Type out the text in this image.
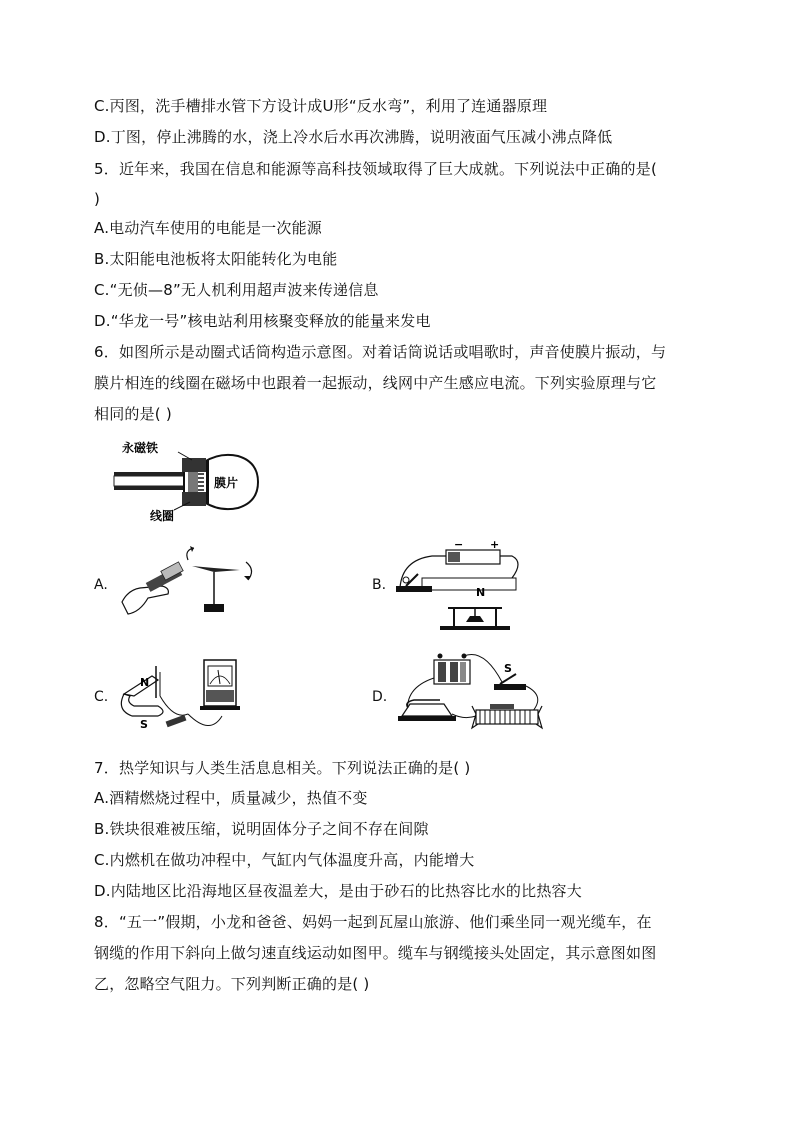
C.丙图，洗手槽排水管下方设计成U形“反水弯”，利用了连通器原理
D.丁图，停止沸腾的水，浇上冷水后水再次沸腾，说明液面气压减小沸点降低
5．近年来，我国在信息和能源等高科技领域取得了巨大成就。下列说法中正确的是(
)
A.电动汽车使用的电能是一次能源
B.太阳能电池板将太阳能转化为电能
C.“无侦—8”无人机利用超声波来传递信息
D.“华龙一号”核电站利用核聚变释放的能量来发电
6．如图所示是动圈式话筒构造示意图。对着话筒说话或唱歌时，声音使膜片振动，与
膜片相连的线圈在磁场中也跟着一起振动，线网中产生感应电流。下列实验原理与它
相同的是( )
永磁铁
膜片
线圈
A.	B.
C.	D.
− +
N
N
S
S
7．热学知识与人类生活息息相关。下列说法正确的是( )
A.酒精燃烧过程中，质量减少，热值不变
B.铁块很难被压缩，说明固体分子之间不存在间隙
C.内燃机在做功冲程中，气缸内气体温度升高，内能增大
D.内陆地区比沿海地区昼夜温差大，是由于砂石的比热容比水的比热容大
8．“五一”假期，小龙和爸爸、妈妈一起到瓦屋山旅游、他们乘坐同一观光缆车，在
钢缆的作用下斜向上做匀速直线运动如图甲。缆车与钢缆接头处固定，其示意图如图
乙，忽略空气阻力。下列判断正确的是( )
